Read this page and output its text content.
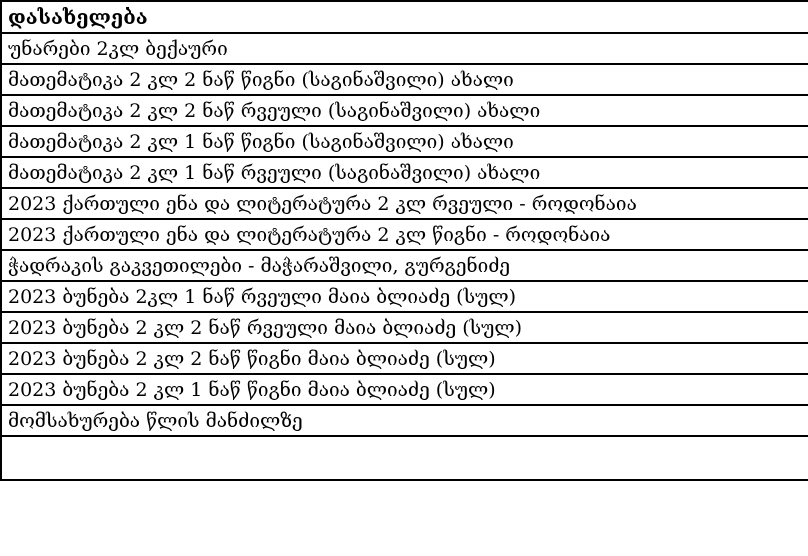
დასახელება
უნარები 2კლ ბექაური
მათემატიკა 2 კლ 2 ნაწ წიგნი (საგინაშვილი) ახალი
მათემატიკა 2 კლ 2 ნაწ რვეული (საგინაშვილი) ახალი
მათემატიკა 2 კლ 1 ნაწ წიგნი (საგინაშვილი) ახალი
მათემატიკა 2 კლ 1 ნაწ რვეული (საგინაშვილი) ახალი
2023 ქართული ენა და ლიტერატურა 2 კლ რვეული - როდონაია
2023 ქართული ენა და ლიტერატურა 2 კლ წიგნი - როდონაია
ჭადრაკის გაკვეთილები - მაჭარაშვილი, გურგენიძე
2023 ბუნება 2კლ 1 ნაწ რვეული მაია ბლიაძე (სულ)
2023 ბუნება 2 კლ 2 ნაწ რვეული მაია ბლიაძე (სულ)
2023 ბუნება 2 კლ 2 ნაწ წიგნი მაია ბლიაძე (სულ)
2023 ბუნება 2 კლ 1 ნაწ წიგნი მაია ბლიაძე (სულ)
მომსახურება წლის მანძილზე
